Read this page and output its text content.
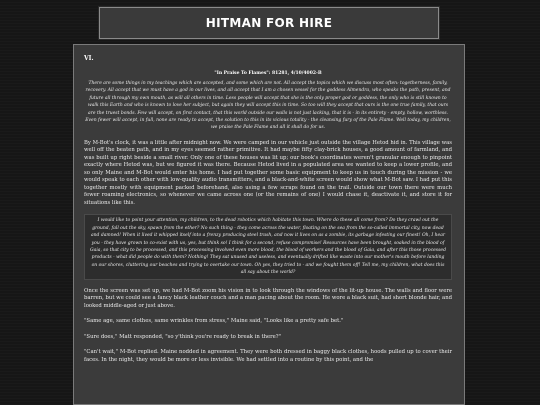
HITMAN FOR HIRE
VI.
"In Praise To Flames": 81281, 4/10/4002-B
There are some things in my teachings which are accepted, and some which are not. All accept the topics which we discuss most often: togetherness, family, recovery. All accept that we must have a god in our lives, and all accept that I am a chosen vessel for the goddess Almendra, who speaks the path, present, and future all through my own mouth, as will all others in time. Less people will accept that she is the only proper god or goddess, the only who is still known to walk this Earth and who is known to love her subject, but again they will accept this in time. So too will they accept that ours is the one true family, that ours are the truest bonds. Few will accept, on first contact, that this world outside our walls is not just lacking, that it is - in its entirety - empty, hollow, worthless. Even fewer will accept, in full, none are ready to accept, the solution to this in its vicious totality - the cleansing fury of the Pale Flame. Well today, my children, we praise the Pale Flame and all it shall do for us.

By M-Bot's clock, it was a little after midnight now. We were camped in our vehicle just outside the village Hetod hid in. This village was well off the beaten path, and in my eyes seemed rather primitive. It had maybe fifty clay-brick houses, a good amount of farmland, and was built up right beside a small river. Only one of these houses was lit up; our book's coordinates weren't granular enough to pinpoint exactly where Hetod was, but we figured it was there. Because Hetod lived in a populated area we wanted to keep a lower profile, and so only Maine and M-Bot would enter his home. I had put together some basic equipment to keep us in touch during the mission - we would speak to each other with low-quality audio transmitters, and a black-and-white screen would show what M-Bot saw. I had put this together mostly with equipment packed beforehand, also using a few scraps found on the trail. Outside our town there were much fewer roaming electronics, so whenever we came across one (or the remains of one) I would chase it, deactivate it, and store it for situations like this.

I would like to point your attention, my children, to the dead robotics which habitate this town. Where do these all come from? Do they crawl out the ground, fall out the sky, spawn from the ether? No such thing - they come across the water, floating on the sea from the so-called immortal city, now dead and damned! When it lived it whipped itself into a frenzy producing steel trash, and now it lives on as a zombie, its garbage infesting our finest! Oh, I hear you - they have grown to co-exist with us, yes, but think so! I think for a second, refuse compromise! Resources have been brought, soaked in the blood of Gaia, so that city to be processed, and this processing involved even more blood, the blood of workers and the blood of Gaia, and after this those processed products - what did people do with them? Nothing! They sat unused and useless, and eventually drifted like waste into our mother's mouth before landing on our shores, cluttering our beaches and trying to overtake our town. Oh yes, they tried to - and we fought them off! Tell me, my children, what does this all say about the world?

Once the screen was set up, we had M-Bot zoom his vision in to look through the windows of the lit-up house. The walls and floor were barren, but we could see a fancy black leather couch and a man pacing about the room. He wore a black suit, had short blonde hair, and looked middle-aged or just above.

"Same age, same clothes, same wrinkles from stress," Maine said, "Looks like a pretty safe bet."

"Sure does," Matt responded, "so y'think you're ready to break in there?"

"Can't wait," M-Bot replied. Maine nodded in agreement. They were both dressed in baggy black clothes, hoods pulled up to cover their faces. In the night, they would be more or less invisible. We had settled into a routine by this point, and the
